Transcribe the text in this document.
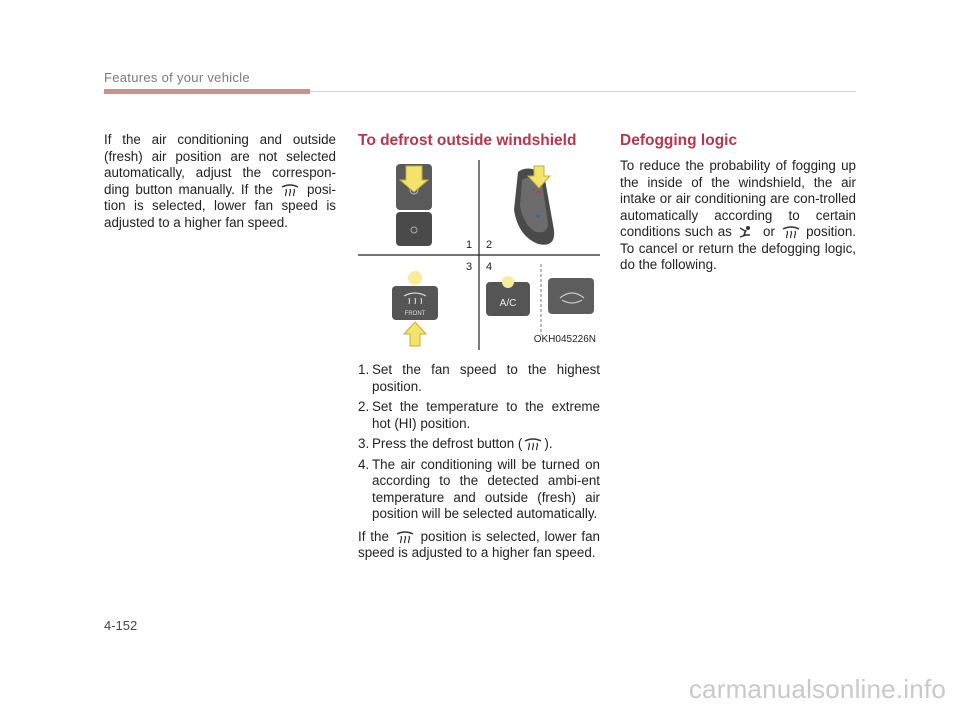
Features of your vehicle

If the air conditioning and outside (fresh) air position are not selected automatically, adjust the correspon-ding button manually. If the	posi-tion is selected, lower fan speed is adjusted to a higher fan speed.

To defrost outside windshield
FRONT
A/C
1 2
3 4
OKH045226N
1. Set the fan speed to the highest position.
2. Set the temperature to the extreme hot (HI) position.
3. Press the defrost button ( ).
4. The air conditioning will be turned on according to the detected ambi-ent temperature and outside (fresh) air position will be selected automatically.

If the position is selected, lower fan speed is adjusted to a higher fan speed.

Defogging logic

To reduce the probability of fogging up the inside of the windshield, the air intake or air conditioning are con-trolled automatically according to certain conditions such as or position. To cancel or return the defogging logic, do the following.

4-152
carmanualsonline.info
